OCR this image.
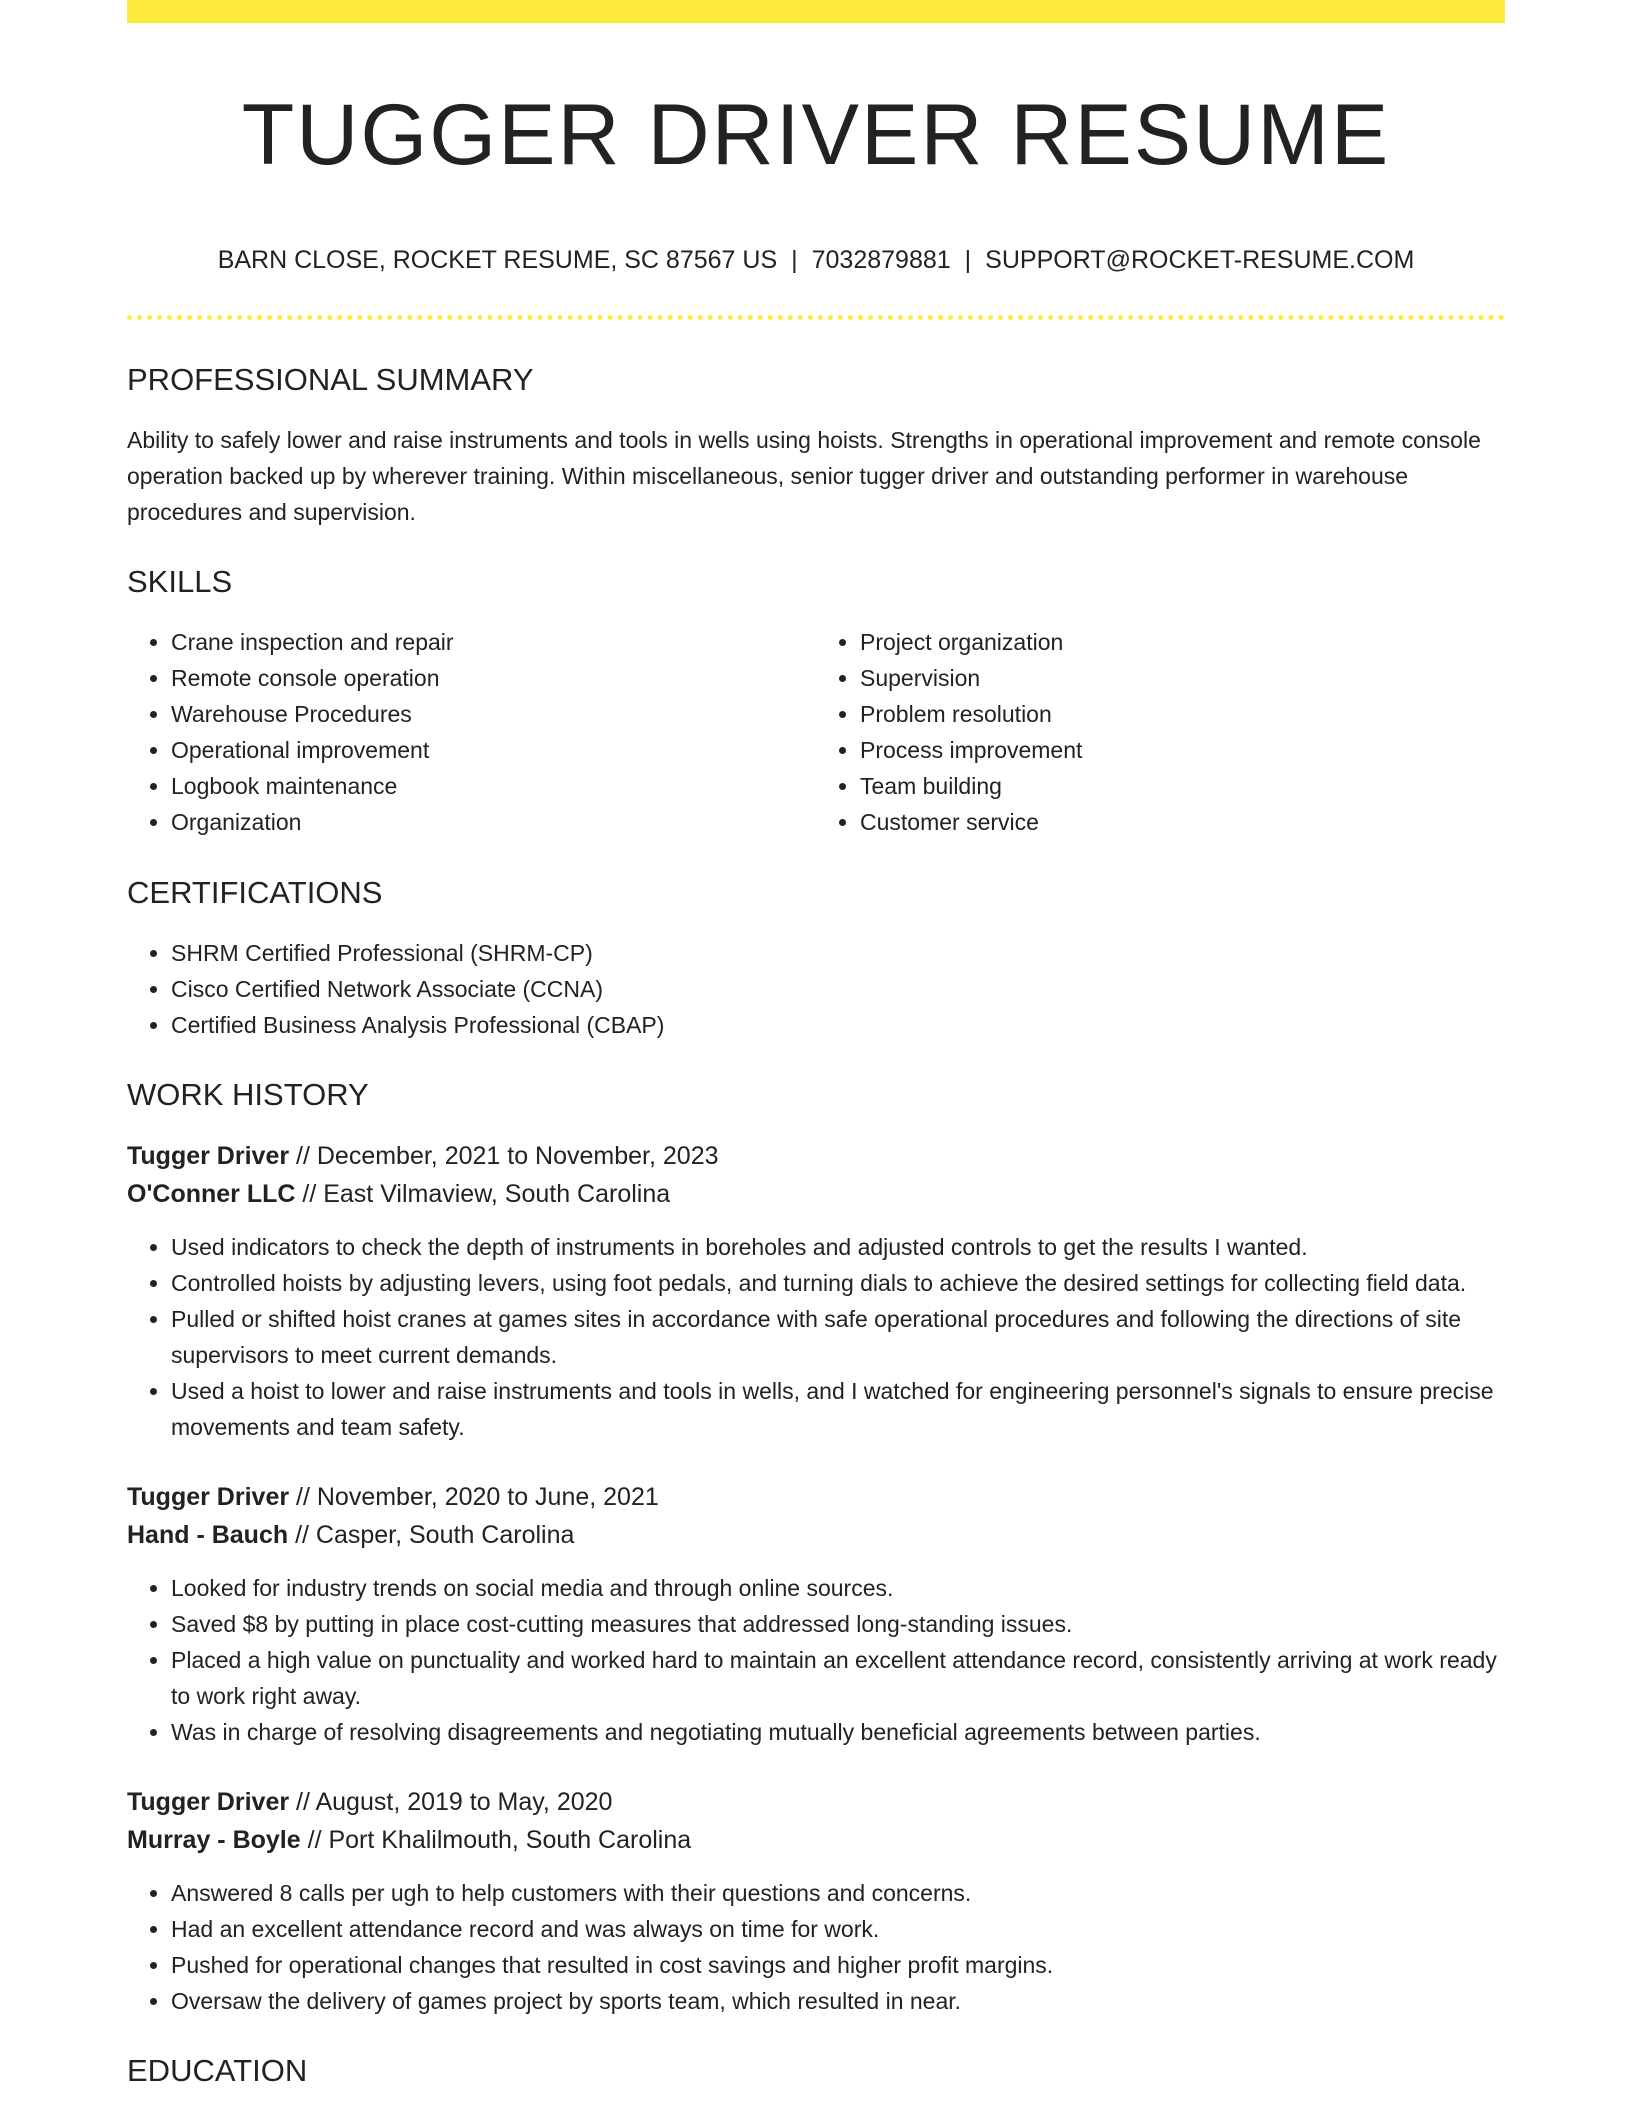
TUGGER DRIVER RESUME
BARN CLOSE, ROCKET RESUME, SC 87567 US | 7032879881 | SUPPORT@ROCKET-RESUME.COM
PROFESSIONAL SUMMARY
Ability to safely lower and raise instruments and tools in wells using hoists. Strengths in operational improvement and remote console operation backed up by wherever training. Within miscellaneous, senior tugger driver and outstanding performer in warehouse procedures and supervision.
SKILLS
• Crane inspection and repair
• Remote console operation
• Warehouse Procedures
• Operational improvement
• Logbook maintenance
• Organization
• Project organization
• Supervision
• Problem resolution
• Process improvement
• Team building
• Customer service
CERTIFICATIONS
• SHRM Certified Professional (SHRM-CP)
• Cisco Certified Network Associate (CCNA)
• Certified Business Analysis Professional (CBAP)
WORK HISTORY
Tugger Driver // December, 2021 to November, 2023
O'Conner LLC // East Vilmaview, South Carolina
• Used indicators to check the depth of instruments in boreholes and adjusted controls to get the results I wanted.
• Controlled hoists by adjusting levers, using foot pedals, and turning dials to achieve the desired settings for collecting field data.
• Pulled or shifted hoist cranes at games sites in accordance with safe operational procedures and following the directions of site supervisors to meet current demands.
• Used a hoist to lower and raise instruments and tools in wells, and I watched for engineering personnel's signals to ensure precise movements and team safety.
Tugger Driver // November, 2020 to June, 2021
Hand - Bauch // Casper, South Carolina
• Looked for industry trends on social media and through online sources.
• Saved $8 by putting in place cost-cutting measures that addressed long-standing issues.
• Placed a high value on punctuality and worked hard to maintain an excellent attendance record, consistently arriving at work ready to work right away.
• Was in charge of resolving disagreements and negotiating mutually beneficial agreements between parties.
Tugger Driver // August, 2019 to May, 2020
Murray - Boyle // Port Khalilmouth, South Carolina
• Answered 8 calls per ugh to help customers with their questions and concerns.
• Had an excellent attendance record and was always on time for work.
• Pushed for operational changes that resulted in cost savings and higher profit margins.
• Oversaw the delivery of games project by sports team, which resulted in near.
EDUCATION
